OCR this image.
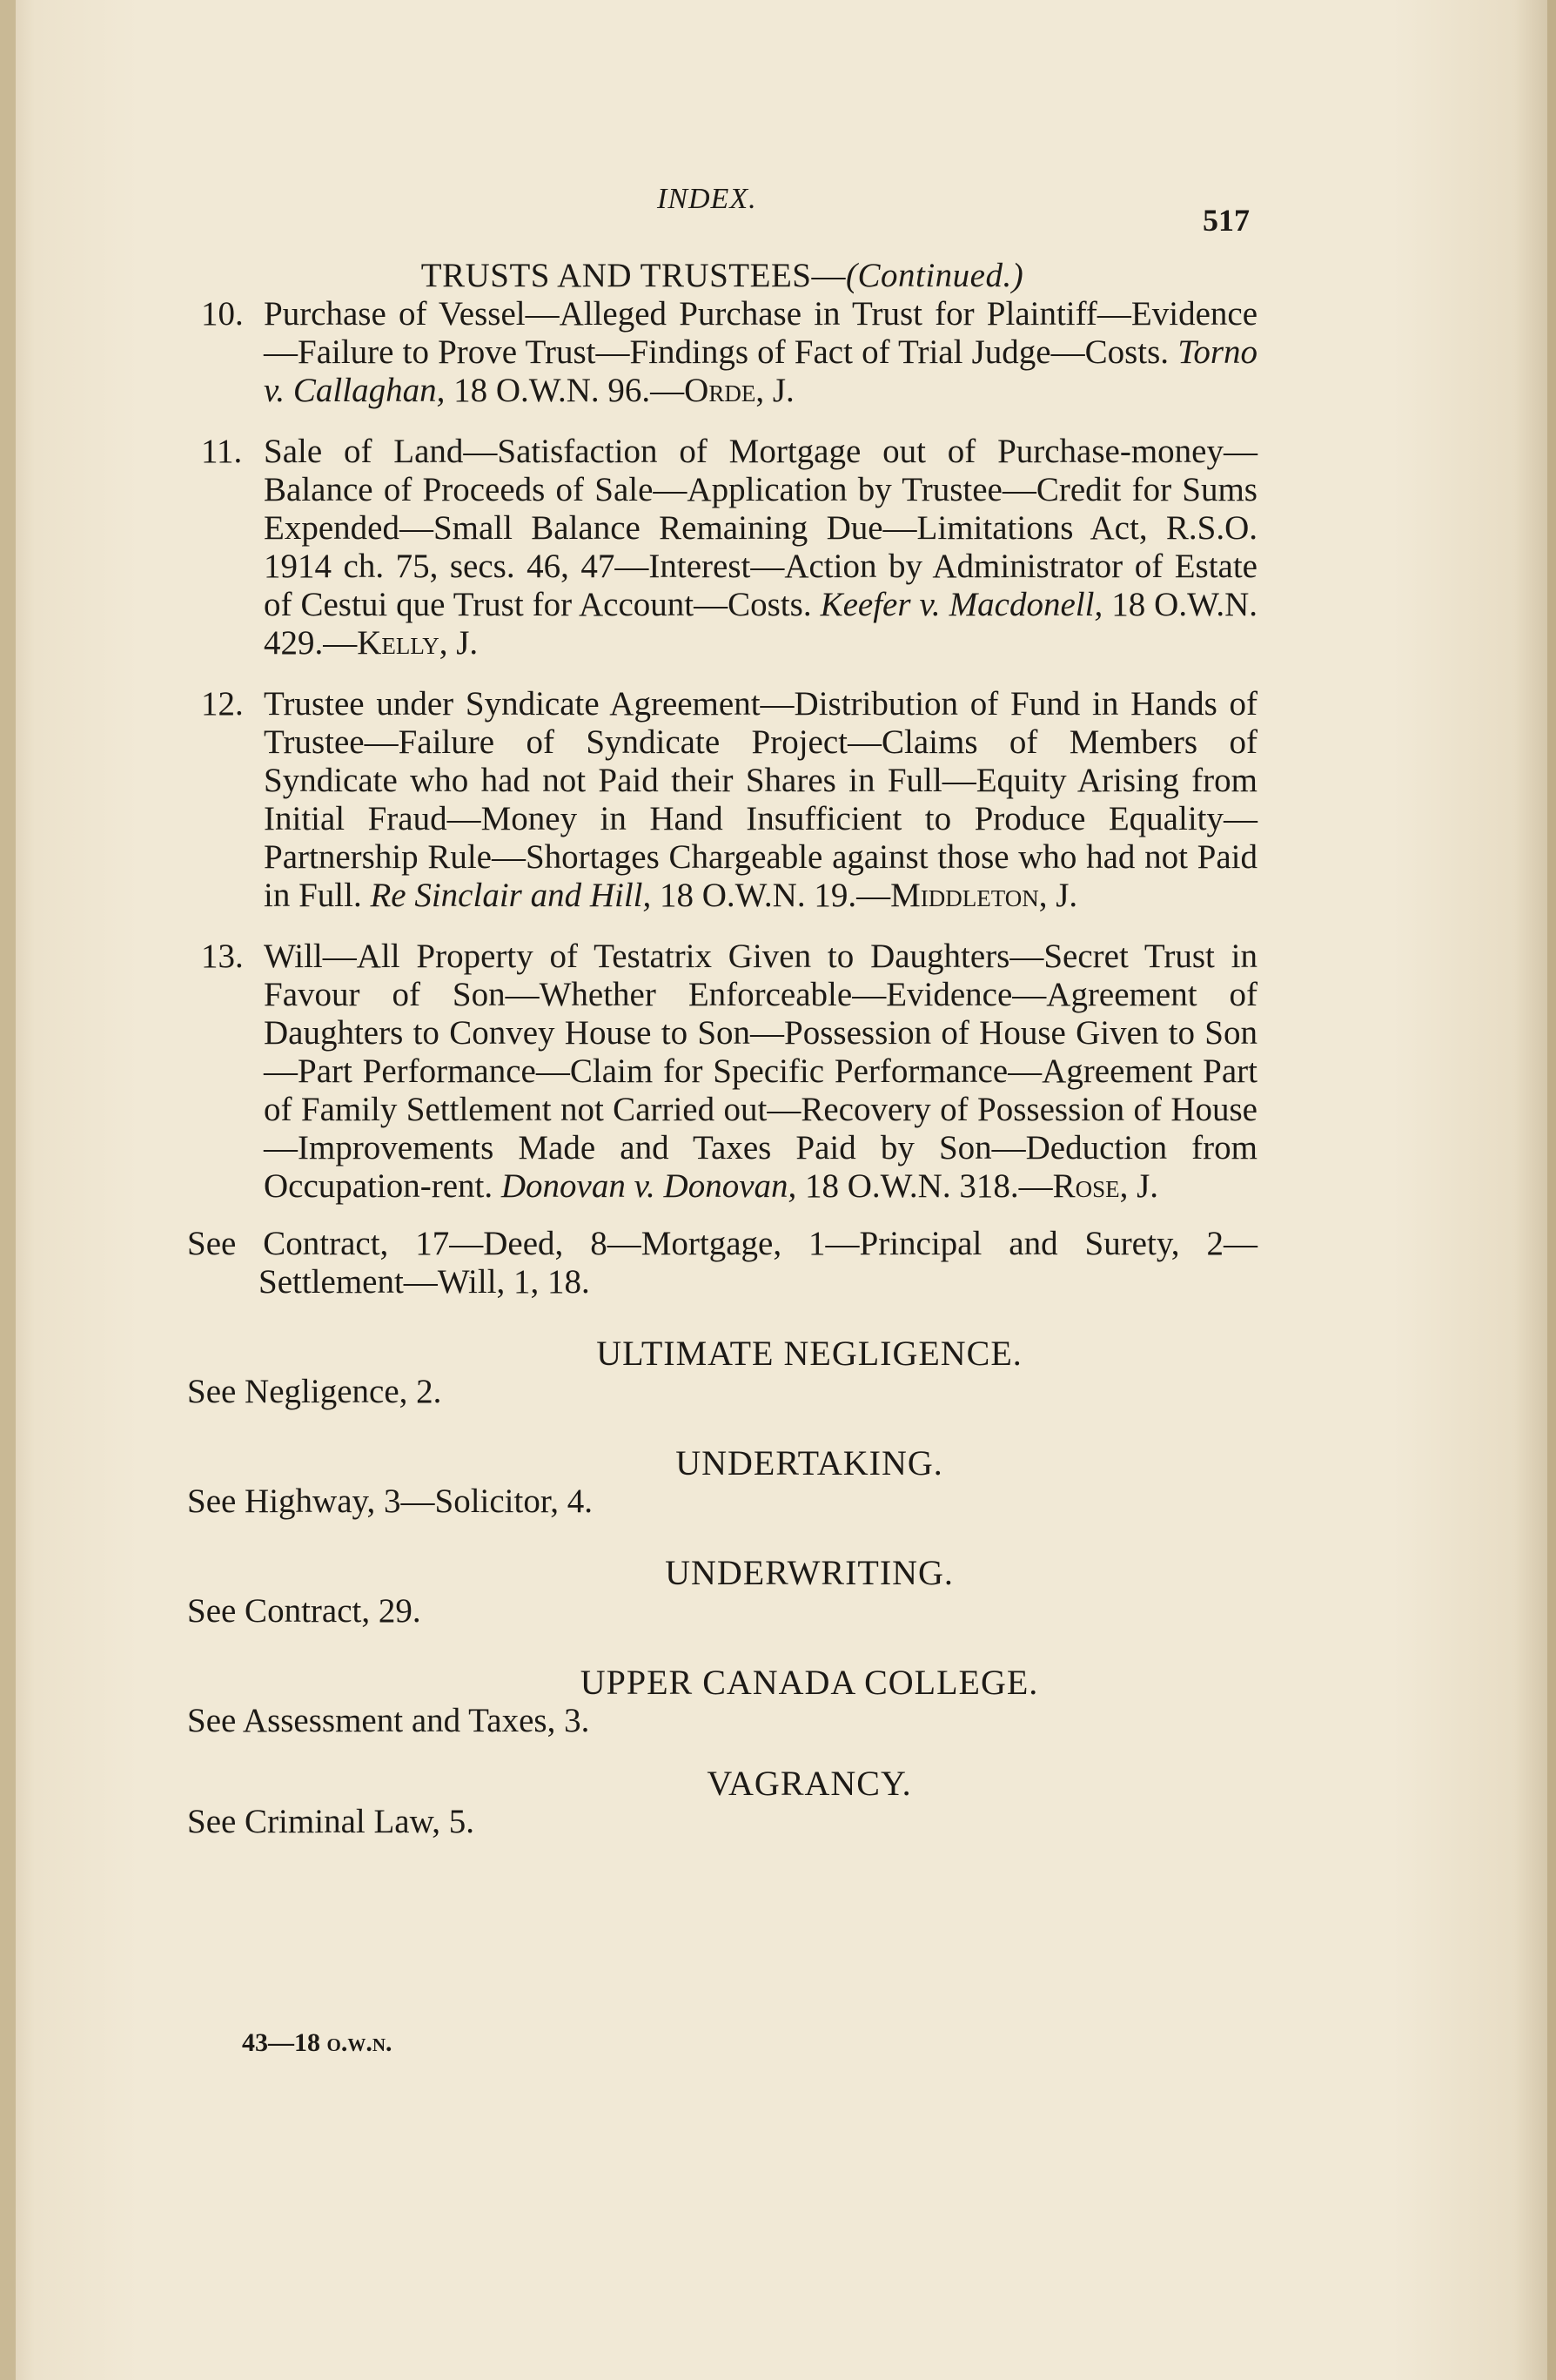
INDEX.
517

TRUSTS AND TRUSTEES—(Continued.)

10. Purchase of Vessel—Alleged Purchase in Trust for Plaintiff—Evidence—Failure to Prove Trust—Findings of Fact of Trial Judge—Costs. Torno v. Callaghan, 18 O.W.N. 96.—Orde, J.

11. Sale of Land—Satisfaction of Mortgage out of Purchase-money—Balance of Proceeds of Sale—Application by Trustee—Credit for Sums Expended—Small Balance Remaining Due—Limitations Act, R.S.O. 1914 ch. 75, secs. 46, 47—Interest—Action by Administrator of Estate of Cestui que Trust for Account—Costs. Keefer v. Macdonell, 18 O.W.N. 429.—Kelly, J.

12. Trustee under Syndicate Agreement—Distribution of Fund in Hands of Trustee—Failure of Syndicate Project—Claims of Members of Syndicate who had not Paid their Shares in Full—Equity Arising from Initial Fraud—Money in Hand Insufficient to Produce Equality—Partnership Rule—Shortages Chargeable against those who had not Paid in Full. Re Sinclair and Hill, 18 O.W.N. 19.—Middleton, J.

13. Will—All Property of Testatrix Given to Daughters—Secret Trust in Favour of Son—Whether Enforceable—Evidence—Agreement of Daughters to Convey House to Son—Possession of House Given to Son—Part Performance—Claim for Specific Performance—Agreement Part of Family Settlement not Carried out—Recovery of Possession of House—Improvements Made and Taxes Paid by Son—Deduction from Occupation-rent. Donovan v. Donovan, 18 O.W.N. 318.—Rose, J.

See Contract, 17—Deed, 8—Mortgage, 1—Principal and Surety, 2—Settlement—Will, 1, 18.

ULTIMATE NEGLIGENCE.

See Negligence, 2.

UNDERTAKING.

See Highway, 3—Solicitor, 4.

UNDERWRITING.

See Contract, 29.

UPPER CANADA COLLEGE.

See Assessment and Taxes, 3.

VAGRANCY.

See Criminal Law, 5.

43—18 o.w.n.
